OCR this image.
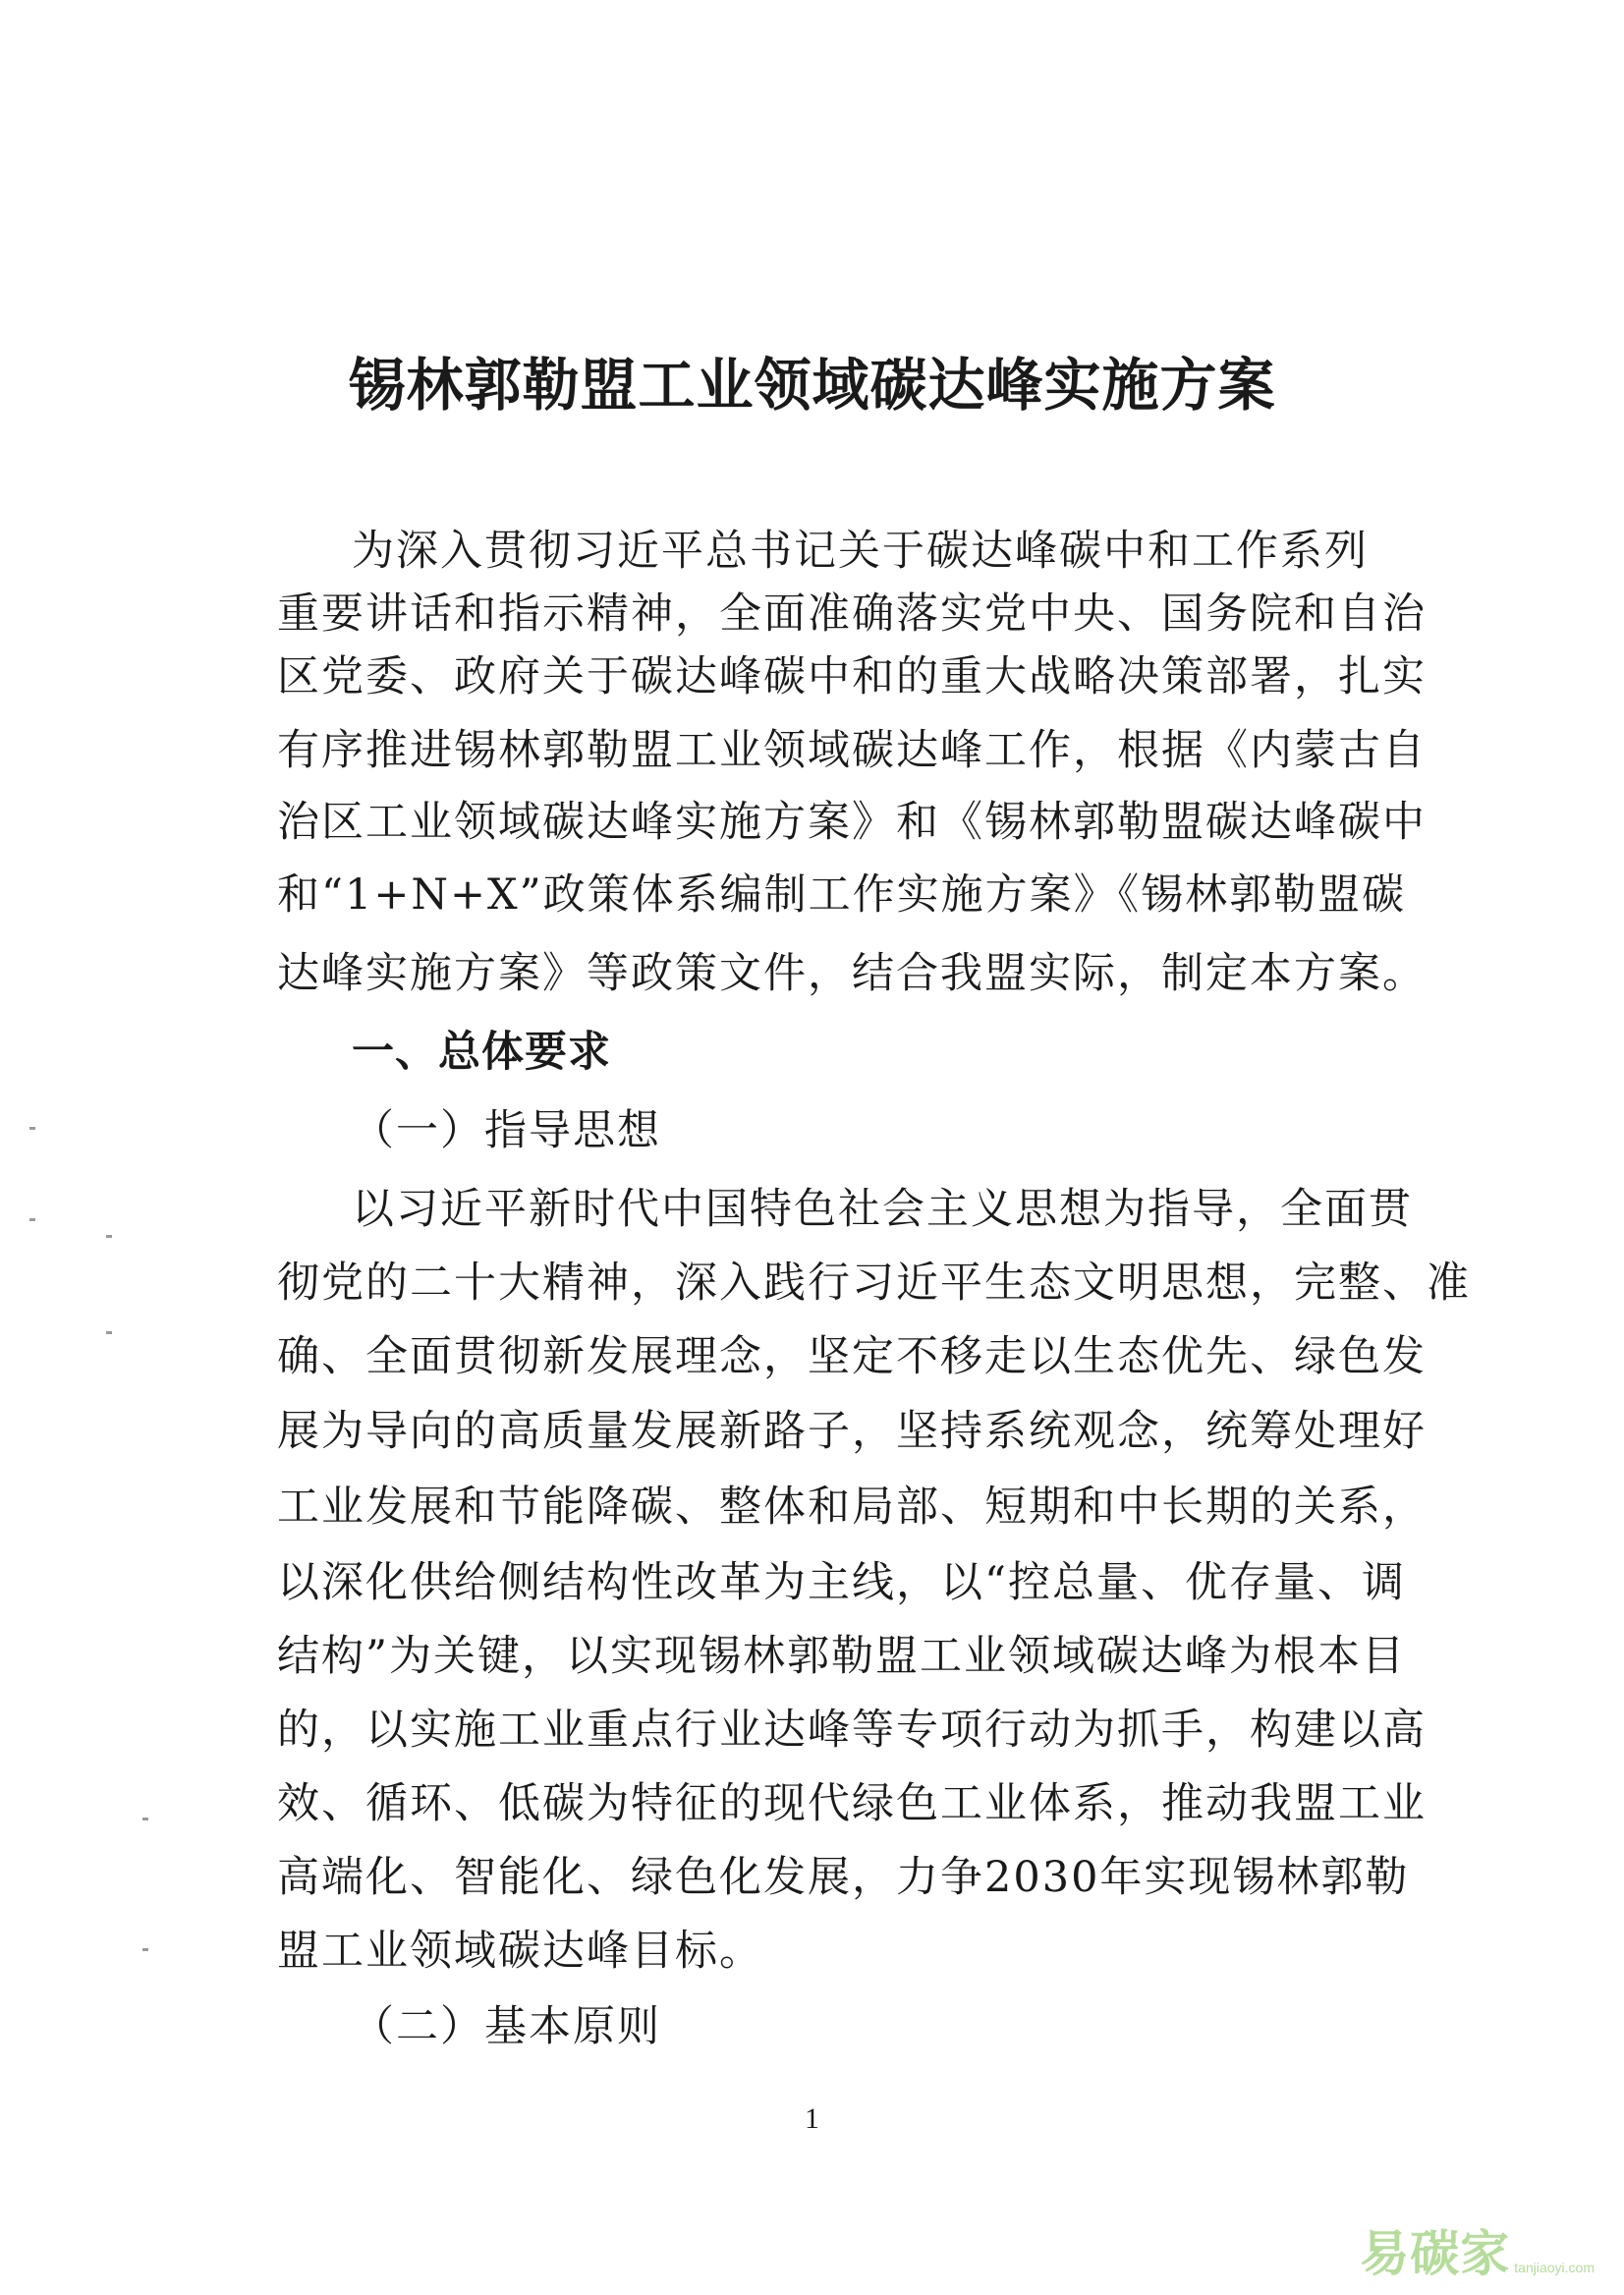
锡林郭勒盟工业领域碳达峰实施方案
为深入贯彻习近平总书记关于碳达峰碳中和工作系列
重要讲话和指示精神，全面准确落实党中央、国务院和自治
区党委、政府关于碳达峰碳中和的重大战略决策部署，扎实
有序推进锡林郭勒盟工业领域碳达峰工作，根据《内蒙古自
治区工业领域碳达峰实施方案》和《锡林郭勒盟碳达峰碳中
和“1+N+X”政策体系编制工作实施方案》《锡林郭勒盟碳
达峰实施方案》等政策文件，结合我盟实际，制定本方案。
一、总体要求
（一）指导思想
以习近平新时代中国特色社会主义思想为指导，全面贯
彻党的二十大精神，深入践行习近平生态文明思想，完整、准
确、全面贯彻新发展理念，坚定不移走以生态优先、绿色发
展为导向的高质量发展新路子，坚持系统观念，统筹处理好
工业发展和节能降碳、整体和局部、短期和中长期的关系，
以深化供给侧结构性改革为主线，以“控总量、优存量、调
结构”为关键，以实现锡林郭勒盟工业领域碳达峰为根本目
的，以实施工业重点行业达峰等专项行动为抓手，构建以高
效、循环、低碳为特征的现代绿色工业体系，推动我盟工业
高端化、智能化、绿色化发展，力争2030年实现锡林郭勒
盟工业领域碳达峰目标。
（二）基本原则
1
易碳家 tanjiaoyi.com
